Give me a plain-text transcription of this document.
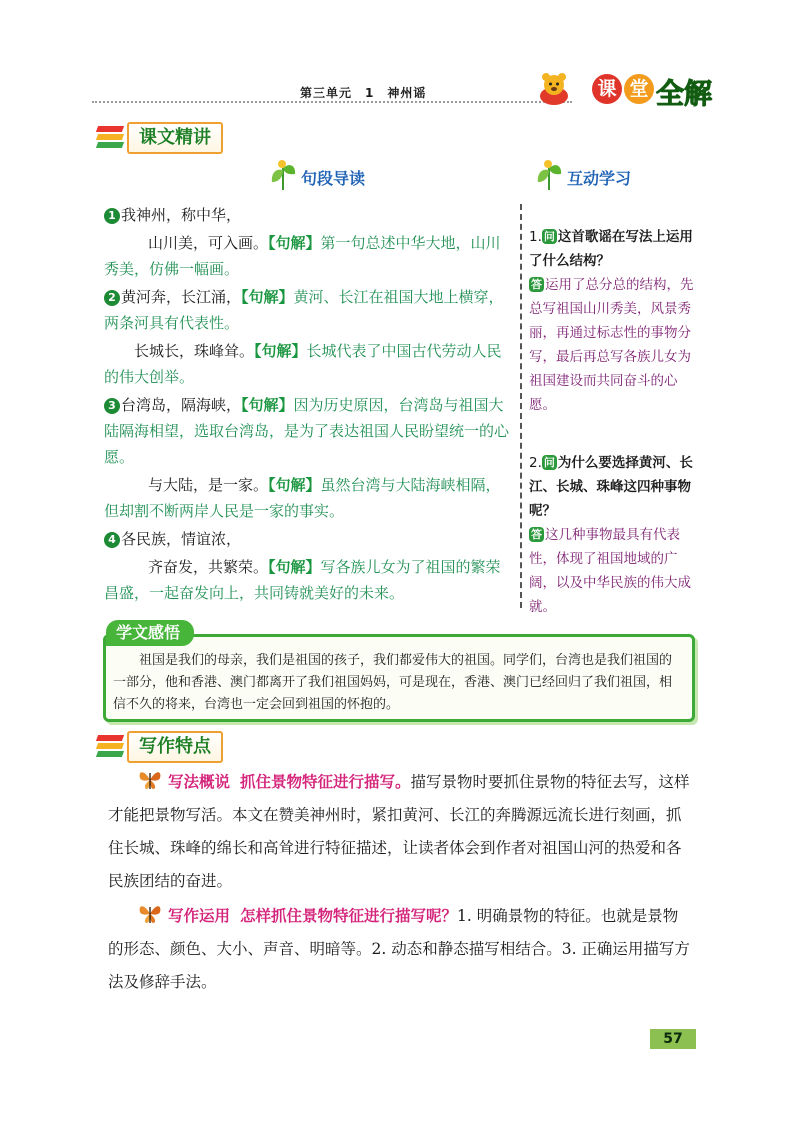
第三单元　1　神州谣	课 堂 全解
课文精讲
句段导读	互动学习

1 我神州，称中华，

山川美，可入画。【句解】第一句总述中华大地，山川秀美，仿佛一幅画。

2 黄河奔，长江涌，【句解】黄河、长江在祖国大地上横穿，两条河具有代表性。

长城长，珠峰耸。【句解】长城代表了中国古代劳动人民的伟大创举。

3 台湾岛，隔海峡，【句解】因为历史原因，台湾岛与祖国大陆隔海相望，选取台湾岛，是为了表达祖国人民盼望统一的心愿。

与大陆，是一家。【句解】虽然台湾与大陆海峡相隔，但却割不断两岸人民是一家的事实。

4 各民族，情谊浓，

齐奋发，共繁荣。【句解】写各族儿女为了祖国的繁荣昌盛，一起奋发向上，共同铸就美好的未来。

1. 问 这首歌谣在写法上运用了什么结构？

答 运用了总分总的结构，先总写祖国山川秀美，风景秀丽，再通过标志性的事物分写，最后再总写各族儿女为祖国建设而共同奋斗的心愿。

2. 问 为什么要选择黄河、长江、长城、珠峰这四种事物呢？

答 这几种事物最具有代表性，体现了祖国地域的广阔，以及中华民族的伟大成就。

学文感悟
祖国是我们的母亲，我们是祖国的孩子，我们都爱伟大的祖国。同学们，台湾也是我们祖国的一部分，他和香港、澳门都离开了我们祖国妈妈，可是现在，香港、澳门已经回归了我们祖国，相信不久的将来，台湾也一定会回到祖国的怀抱的。
写作特点
写法概说 抓住景物特征进行描写。描写景物时要抓住景物的特征去写，这样才能把景物写活。本文在赞美神州时，紧扣黄河、长江的奔腾源远流长进行刻画，抓住长城、珠峰的绵长和高耸进行特征描述，让读者体会到作者对祖国山河的热爱和各民族团结的奋进。
写作运用 怎样抓住景物特征进行描写呢？1. 明确景物的特征。也就是景物的形态、颜色、大小、声音、明暗等。2. 动态和静态描写相结合。3. 正确运用描写方法及修辞手法。
57
